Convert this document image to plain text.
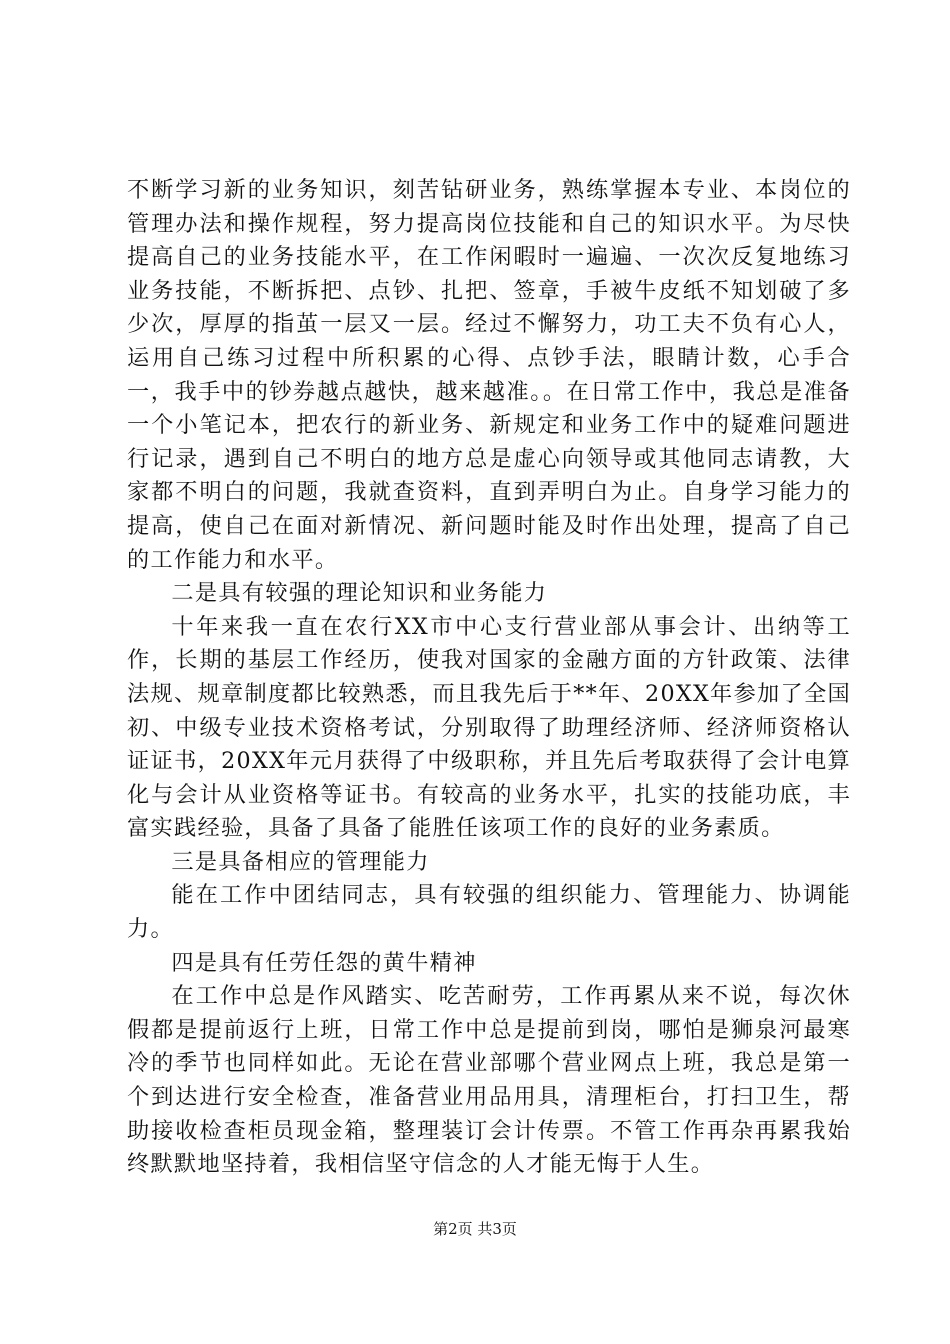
不断学习新的业务知识，刻苦钻研业务，熟练掌握本专业、本岗位的管理办法和操作规程，努力提高岗位技能和自己的知识水平。为尽快提高自己的业务技能水平，在工作闲暇时一遍遍、一次次反复地练习业务技能，不断拆把、点钞、扎把、签章，手被牛皮纸不知划破了多少次，厚厚的指茧一层又一层。经过不懈努力，功工夫不负有心人，运用自己练习过程中所积累的心得、点钞手法，眼睛计数，心手合一，我手中的钞券越点越快，越来越准。。在日常工作中，我总是准备一个小笔记本，把农行的新业务、新规定和业务工作中的疑难问题进行记录，遇到自己不明白的地方总是虚心向领导或其他同志请教，大家都不明白的问题，我就查资料，直到弄明白为止。自身学习能力的提高，使自己在面对新情况、新问题时能及时作出处理，提高了自己的工作能力和水平。

二是具有较强的理论知识和业务能力

十年来我一直在农行XX市中心支行营业部从事会计、出纳等工作，长期的基层工作经历，使我对国家的金融方面的方针政策、法律法规、规章制度都比较熟悉，而且我先后于**年、20XX年参加了全国初、中级专业技术资格考试，分别取得了助理经济师、经济师资格认证证书，20XX年元月获得了中级职称，并且先后考取获得了会计电算化与会计从业资格等证书。有较高的业务水平，扎实的技能功底，丰富实践经验，具备了具备了能胜任该项工作的良好的业务素质。

三是具备相应的管理能力

能在工作中团结同志，具有较强的组织能力、管理能力、协调能力。

四是具有任劳任怨的黄牛精神

在工作中总是作风踏实、吃苦耐劳，工作再累从来不说，每次休假都是提前返行上班，日常工作中总是提前到岗，哪怕是狮泉河最寒冷的季节也同样如此。无论在营业部哪个营业网点上班，我总是第一个到达进行安全检查，准备营业用品用具，清理柜台，打扫卫生，帮助接收检查柜员现金箱，整理装订会计传票。不管工作再杂再累我始终默默地坚持着，我相信坚守信念的人才能无悔于人生。

第2页 共3页
